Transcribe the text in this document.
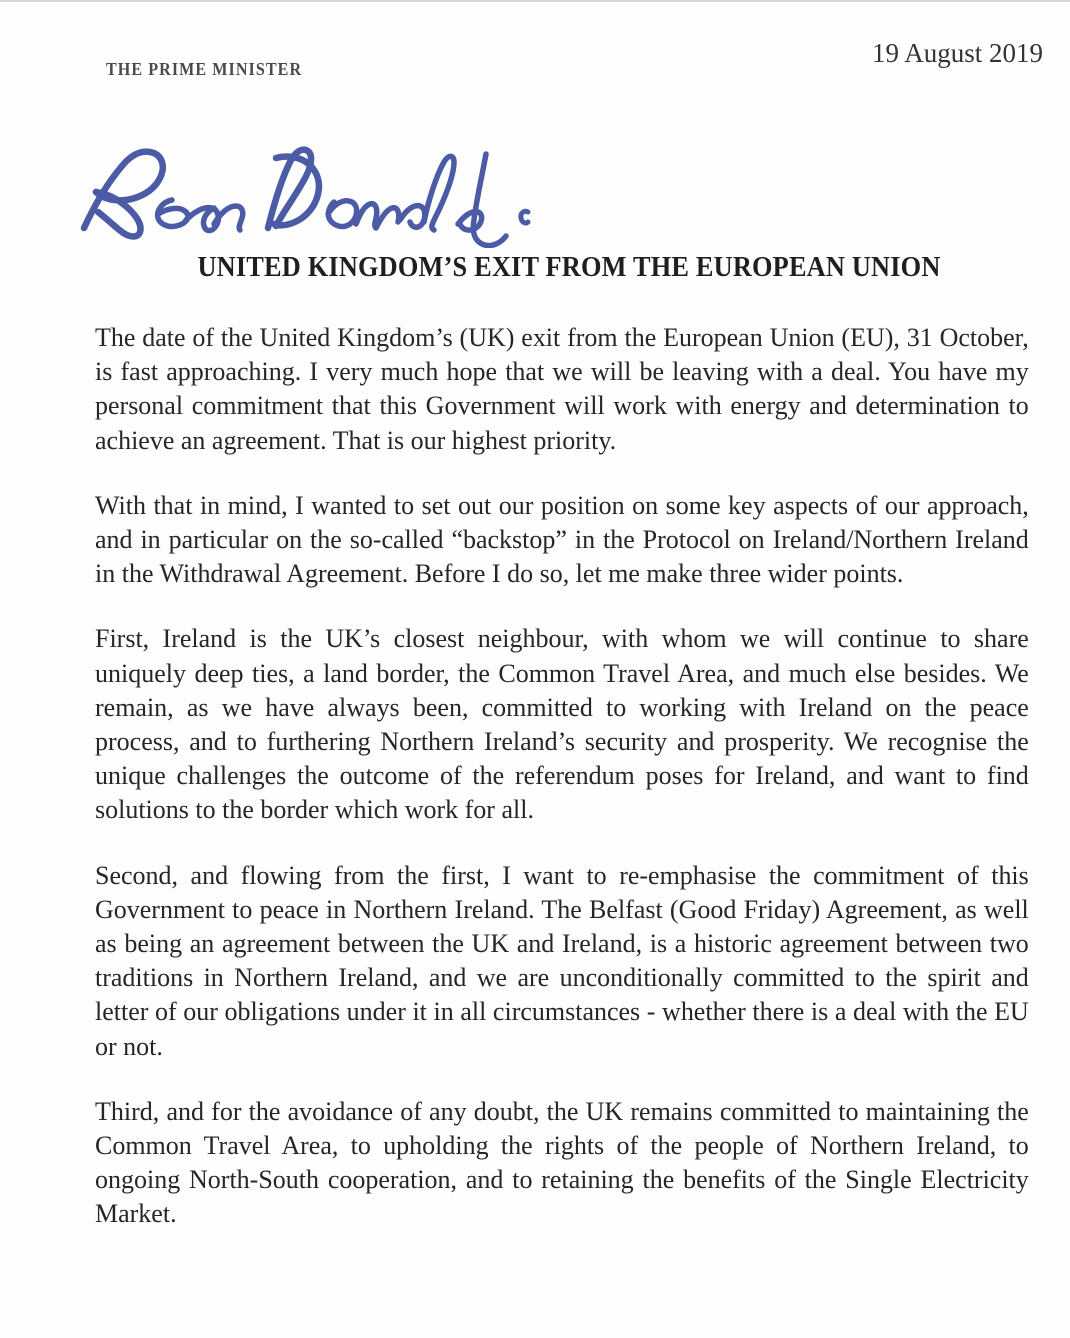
THE PRIME MINISTER
19 August 2019
UNITED KINGDOM’S EXIT FROM THE EUROPEAN UNION

The date of the United Kingdom’s (UK) exit from the European Union (EU), 31 October, is fast approaching. I very much hope that we will be leaving with a deal. You have my personal commitment that this Government will work with energy and determination to achieve an agreement. That is our highest priority.

With that in mind, I wanted to set out our position on some key aspects of our approach, and in particular on the so-called “backstop” in the Protocol on Ireland/Northern Ireland in the Withdrawal Agreement. Before I do so, let me make three wider points.

First, Ireland is the UK’s closest neighbour, with whom we will continue to share uniquely deep ties, a land border, the Common Travel Area, and much else besides. We remain, as we have always been, committed to working with Ireland on the peace process, and to furthering Northern Ireland’s security and prosperity. We recognise the unique challenges the outcome of the referendum poses for Ireland, and want to find solutions to the border which work for all.

Second, and flowing from the first, I want to re-emphasise the commitment of this Government to peace in Northern Ireland. The Belfast (Good Friday) Agreement, as well as being an agreement between the UK and Ireland, is a historic agreement between two traditions in Northern Ireland, and we are unconditionally committed to the spirit and letter of our obligations under it in all circumstances - whether there is a deal with the EU or not.

Third, and for the avoidance of any doubt, the UK remains committed to maintaining the Common Travel Area, to upholding the rights of the people of Northern Ireland, to ongoing North-South cooperation, and to retaining the benefits of the Single Electricity Market.
